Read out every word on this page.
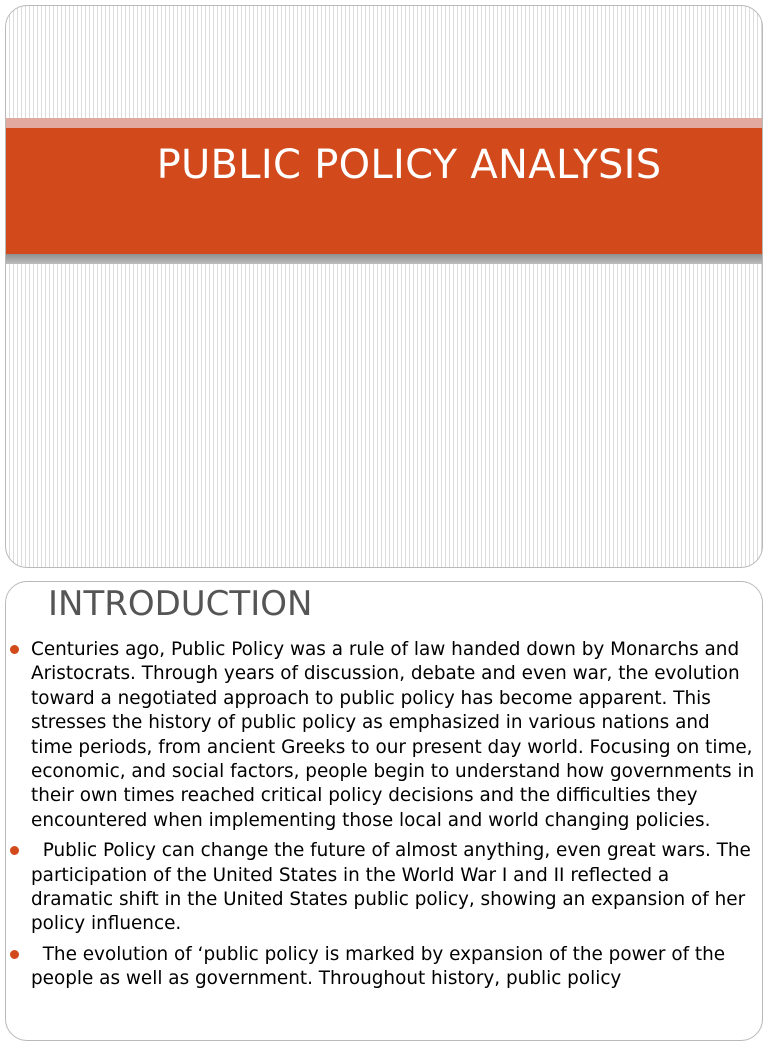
PUBLIC POLICY ANALYSIS
INTRODUCTION
Centuries ago, Public Policy was a rule of law handed down by Monarchs and Aristocrats. Through years of discussion, debate and even war, the evolution toward a negotiated approach to public policy has become apparent. This stresses the history of public policy as emphasized in various nations and time periods, from ancient Greeks to our present day world. Focusing on time, economic, and social factors, people begin to understand how governments in their own times reached critical policy decisions and the difficulties they encountered when implementing those local and world changing policies.
Public Policy can change the future of almost anything, even great wars. The participation of the United States in the World War I and II reflected a dramatic shift in the United States public policy, showing an expansion of her policy influence.
The evolution of ‘public policy is marked by expansion of the power of the people as well as government. Throughout history, public policy
